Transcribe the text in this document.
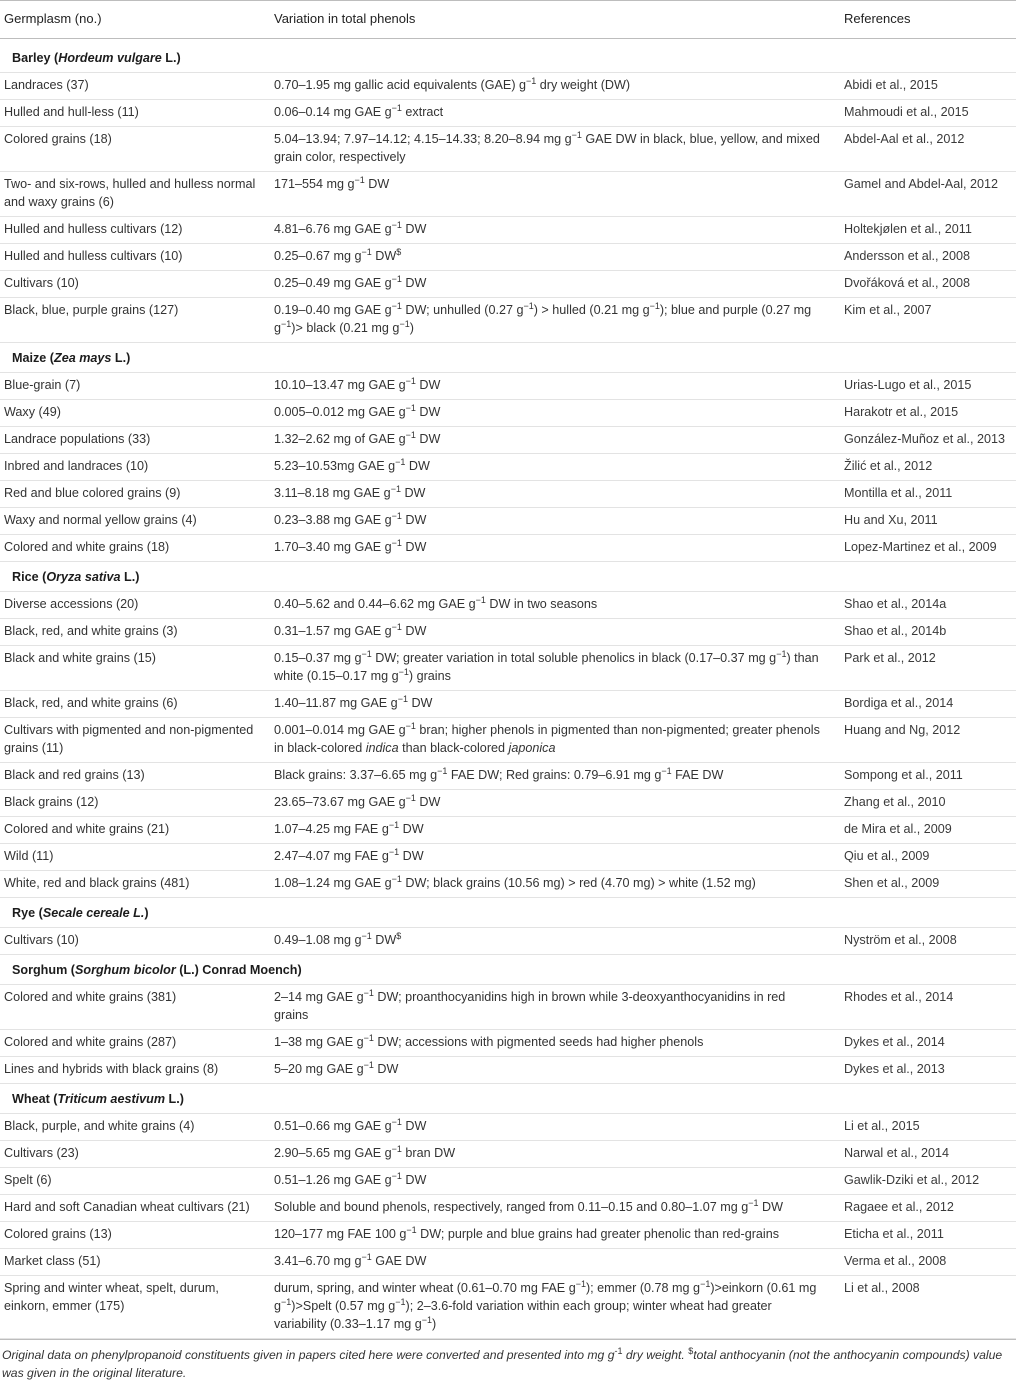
Germplasm (no.)	Variation in total phenols	References
Barley (Hordeum vulgare L.)		
Landraces (37)	0.70–1.95 mg gallic acid equivalents (GAE) $g^{-1}$ dry weight (DW)	Abidi et al., 2015
Hulled and hull-less (11)	0.06–0.14 mg GAE $g^{-1}$ extract	Mahmoudi et al., 2015
Colored grains (18)	5.04–13.94; 7.97–14.12; 4.15–14.33; 8.20–8.94 mg $g^{-1}$ GAE DW in black, blue, yellow, and mixed grain color, respectively	Abdel-Aal et al., 2012
Two- and six-rows, hulled and hulless normal and waxy grains (6)	171–554 mg $g^{-1}$ DW	Gamel and Abdel-Aal, 2012
Hulled and hulless cultivars (12)	4.81–6.76 mg GAE $g^{-1}$ DW	Holtekjølen et al., 2011
Hulled and hulless cultivars (10)	0.25–0.67 mg $g^{-1}$ DW$	Andersson et al., 2008
Cultivars (10)	0.25–0.49 mg GAE $g^{-1}$ DW	Dvořáková et al., 2008
Black, blue, purple grains (127)	0.19–0.40 mg GAE $g^{-1}$ DW; unhulled (0.27 $g^{-1}$) > hulled (0.21 mg $g^{-1}$); blue and purple (0.27 mg $g^{-1})>$ black (0.21 mg $g^{-1}$)	Kim et al., 2007
Maize (Zea mays L.)		
Blue-grain (7)	10.10–13.47 mg GAE $g^{-1}$ DW	Urias-Lugo et al., 2015
Waxy (49)	0.005–0.012 mg GAE $g^{-1}$ DW	Harakotr et al., 2015
Landrace populations (33)	1.32–2.62 mg of GAE $g^{-1}$ DW	González-Muñoz et al., 2013
Inbred and landraces (10)	5.23–10.53mg GAE $g^{-1}$ DW	Žilić et al., 2012
Red and blue colored grains (9)	3.11–8.18 mg GAE $g^{-1}$ DW	Montilla et al., 2011
Waxy and normal yellow grains (4)	0.23–3.88 mg GAE $g^{-1}$ DW	Hu and Xu, 2011
Colored and white grains (18)	1.70–3.40 mg GAE $g^{-1}$ DW	Lopez-Martinez et al., 2009
Rice (Oryza sativa L.)		
Diverse accessions (20)	0.40–5.62 and 0.44–6.62 mg GAE $g^{-1}$ DW in two seasons	Shao et al., 2014a
Black, red, and white grains (3)	0.31–1.57 mg GAE $g^{-1}$ DW	Shao et al., 2014b
Black and white grains (15)	0.15–0.37 mg $g^{-1}$ DW; greater variation in total soluble phenolics in black (0.17–0.37 mg $g^{-1}$) than white (0.15–0.17 mg $g^{-1}$) grains	Park et al., 2012
Black, red, and white grains (6)	1.40–11.87 mg GAE $g^{-1}$ DW	Bordiga et al., 2014
Cultivars with pigmented and non-pigmented grains (11)	0.001–0.014 mg GAE $g^{-1}$ bran; higher phenols in pigmented than non-pigmented; greater phenols in black-colored indica than black-colored japonica	Huang and Ng, 2012
Black and red grains (13)	Black grains: 3.37–6.65 mg $g^{-1}$ FAE DW; Red grains: 0.79–6.91 mg $g^{-1}$ FAE DW	Sompong et al., 2011
Black grains (12)	23.65–73.67 mg GAE $g^{-1}$ DW	Zhang et al., 2010
Colored and white grains (21)	1.07–4.25 mg FAE $g^{-1}$ DW	de Mira et al., 2009
Wild (11)	2.47–4.07 mg FAE $g^{-1}$ DW	Qiu et al., 2009
White, red and black grains (481)	1.08–1.24 mg GAE $g^{-1}$ DW; black grains (10.56 mg) > red (4.70 mg) > white (1.52 mg)	Shen et al., 2009
Rye (Secale cereale L.)		
Cultivars (10)	0.49–1.08 mg $g^{-1}$ DW$	Nyström et al., 2008
Sorghum (Sorghum bicolor (L.) Conrad Moench)		
Colored and white grains (381)	2–14 mg GAE $g^{-1}$ DW; proanthocyanidins high in brown while 3-deoxyanthocyanidins in red grains	Rhodes et al., 2014
Colored and white grains (287)	1–38 mg GAE $g^{-1}$ DW; accessions with pigmented seeds had higher phenols	Dykes et al., 2014
Lines and hybrids with black grains (8)	5–20 mg GAE $g^{-1}$ DW	Dykes et al., 2013
Wheat (Triticum aestivum L.)		
Black, purple, and white grains (4)	0.51–0.66 mg GAE $g^{-1}$ DW	Li et al., 2015
Cultivars (23)	2.90–5.65 mg GAE $g^{-1}$ bran DW	Narwal et al., 2014
Spelt (6)	0.51–1.26 mg GAE $g^{-1}$ DW	Gawlik-Dziki et al., 2012
Hard and soft Canadian wheat cultivars (21)	Soluble and bound phenols, respectively, ranged from 0.11–0.15 and 0.80–1.07 mg $g^{-1}$ DW	Ragaee et al., 2012
Colored grains (13)	120–177 mg FAE 100 $g^{-1}$ DW; purple and blue grains had greater phenolic than red-grains	Eticha et al., 2011
Market class (51)	3.41–6.70 mg $g^{-1}$ GAE DW	Verma et al., 2008
Spring and winter wheat, spelt, durum, einkorn, emmer (175)	durum, spring, and winter wheat (0.61–0.70 mg FAE $g^{-1}$); emmer (0.78 mg $g^{-1})>einkorn$ (0.61 mg $g^{-1})>Spelt$ (0.57 mg $g^{-1}$); 2–3.6-fold variation within each group; winter wheat had greater variability (0.33–1.17 mg $g^{-1}$)	Li et al., 2008
Original data on phenylpropanoid constituents given in papers cited here were converted and presented into mg $g^{-1}$ dry weight. $total anthocyanin (not the anthocyanin compounds) value was given in the original literature.
